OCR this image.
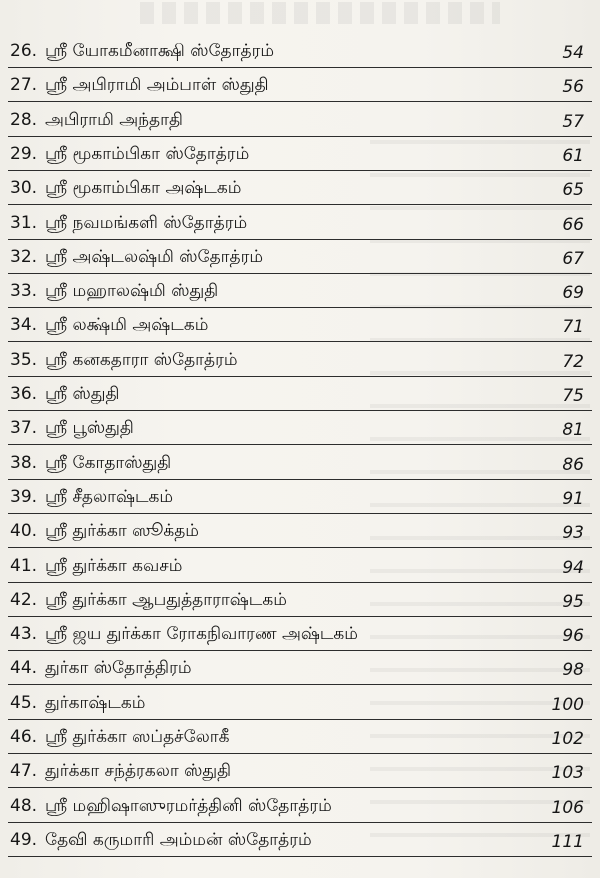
26. ஸ்ரீ யோகமீனாக்ஷி ஸ்தோத்ரம்	54
27. ஸ்ரீ அபிராமி அம்பாள் ஸ்துதி	56
28. அபிராமி அந்தாதி	57
29. ஸ்ரீ மூகாம்பிகா ஸ்தோத்ரம்	61
30. ஸ்ரீ மூகாம்பிகா அஷ்டகம்	65
31. ஸ்ரீ நவமங்களி ஸ்தோத்ரம்	66
32. ஸ்ரீ அஷ்டலஷ்மி ஸ்தோத்ரம்	67
33. ஸ்ரீ மஹாலஷ்மி ஸ்துதி	69
34. ஸ்ரீ லக்ஷ்மி அஷ்டகம்	71
35. ஸ்ரீ கனகதாரா ஸ்தோத்ரம்	72
36. ஸ்ரீ ஸ்துதி	75
37. ஸ்ரீ பூஸ்துதி	81
38. ஸ்ரீ கோதாஸ்துதி	86
39. ஸ்ரீ சீதலாஷ்டகம்	91
40. ஸ்ரீ துர்க்கா ஸூக்தம்	93
41. ஸ்ரீ துர்க்கா கவசம்	94
42. ஸ்ரீ துர்க்கா ஆபதுத்தாராஷ்டகம்	95
43. ஸ்ரீ ஜய துர்க்கா ரோகநிவாரண அஷ்டகம்	96
44. துர்கா ஸ்தோத்திரம்	98
45. துர்காஷ்டகம்	100
46. ஸ்ரீ துர்க்கா ஸப்தச்லோகீ	102
47. துர்க்கா சந்த்ரகலா ஸ்துதி	103
48. ஸ்ரீ மஹிஷாஸுரமர்த்தினி ஸ்தோத்ரம்	106
49. தேவி கருமாரி அம்மன் ஸ்தோத்ரம்	111
